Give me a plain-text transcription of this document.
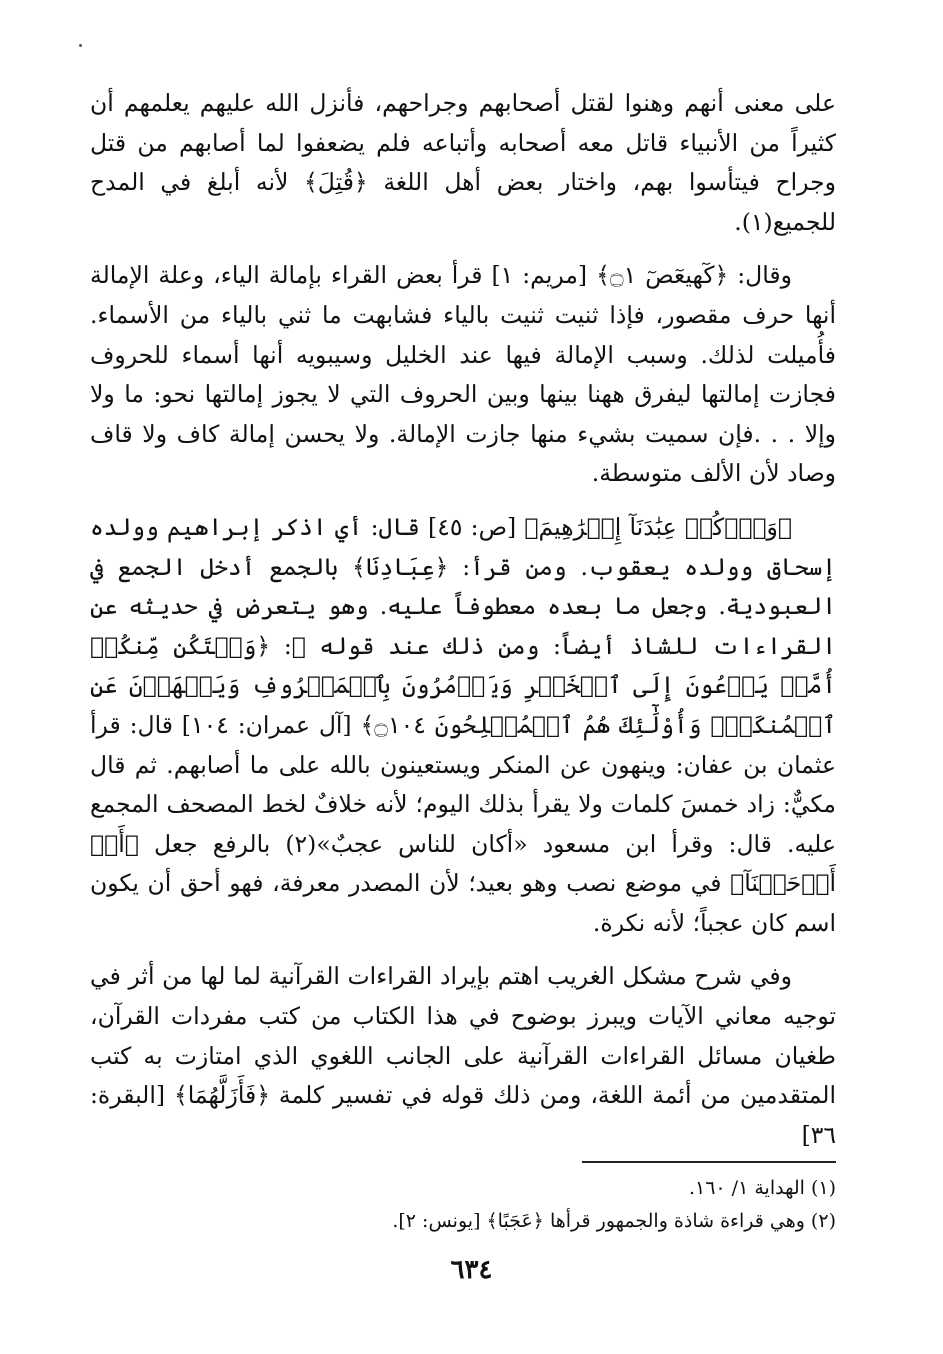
على معنى أنهم وهنوا لقتل أصحابهم وجراحهم، فأنزل الله عليهم يعلمهم أن كثيراً من الأنبياء قاتل معه أصحابه وأتباعه فلم يضعفوا لما أصابهم من قتل وجراح فيتأسوا بهم، واختار بعض أهل اللغة ﴿قُتِلَ﴾ لأنه أبلغ في المدح للجميع(١).

وقال: ﴿كٓهيعٓصٓ ۝١﴾ [مريم: ١] قرأ بعض القراء بإمالة الياء، وعلة الإمالة أنها حرف مقصور، فإذا ثنيت ثنيت بالياء فشابهت ما ثني بالياء من الأسماء. فأُميلت لذلك. وسبب الإمالة فيها عند الخليل وسيبويه أنها أسماء للحروف فجازت إمالتها ليفرق ههنا بينها وبين الحروف التي لا يجوز إمالتها نحو: ما ولا وإلا . . .فإن سميت بشيء منها جازت الإمالة. ولا يحسن إمالة كاف ولا قاف وصاد لأن الألف متوسطة.

﴿وَٱذۡكُرۡ عِبَٰدَنَآ إِبۡرَٰهِيمَ﴾ [ص: ٤٥] قال: أي اذكر إبراهيم وولده إسحاق وولده يعقوب. ومن قرأ: ﴿عِبَادِنَا﴾ بالجمع أدخل الجمع في العبودية. وجعل ما بعده معطوفاً عليه. وهو يتعرض في حديثه عن القراءات للشاذ أيضاً: ومن ذلك عند قوله ﷻ: ﴿وَلۡتَكُن مِّنكُمۡ أُمَّةٞ يَدۡعُونَ إِلَى ٱلۡخَيۡرِ وَيَأۡمُرُونَ بِٱلۡمَعۡرُوفِ وَيَنۡهَوۡنَ عَنِ ٱلۡمُنكَرِۚ وَأُوْلَٰٓئِكَ هُمُ ٱلۡمُفۡلِحُونَ ۝١٠٤﴾ [آل عمران: ١٠٤] قال: قرأ عثمان بن عفان: وينهون عن المنكر ويستعينون بالله على ما أصابهم. ثم قال مكيٌّ: زاد خمسَ كلمات ولا يقرأ بذلك اليوم؛ لأنه خلافٌ لخط المصحف المجمع عليه. قال: وقرأ ابن مسعود «أكان للناس عجبٌ»(٢) بالرفع جعل ﴿أَنۡ أَوۡحَيۡنَآ﴾ في موضع نصب وهو بعيد؛ لأن المصدر معرفة، فهو أحق أن يكون اسم كان عجباً؛ لأنه نكرة.

وفي شرح مشكل الغريب اهتم بإيراد القراءات القرآنية لما لها من أثر في توجيه معاني الآيات ويبرز بوضوح في هذا الكتاب من كتب مفردات القرآن، طغيان مسائل القراءات القرآنية على الجانب اللغوي الذي امتازت به كتب المتقدمين من أئمة اللغة، ومن ذلك قوله في تفسير كلمة ﴿فَأَزَلَّهُمَا﴾ [البقرة: ٣٦]

(١) الهداية ١/ ١٦٠.

(٢) وهي قراءة شاذة والجمهور قرأها ﴿عَجَبًا﴾ [يونس: ٢].

٦٣٤
